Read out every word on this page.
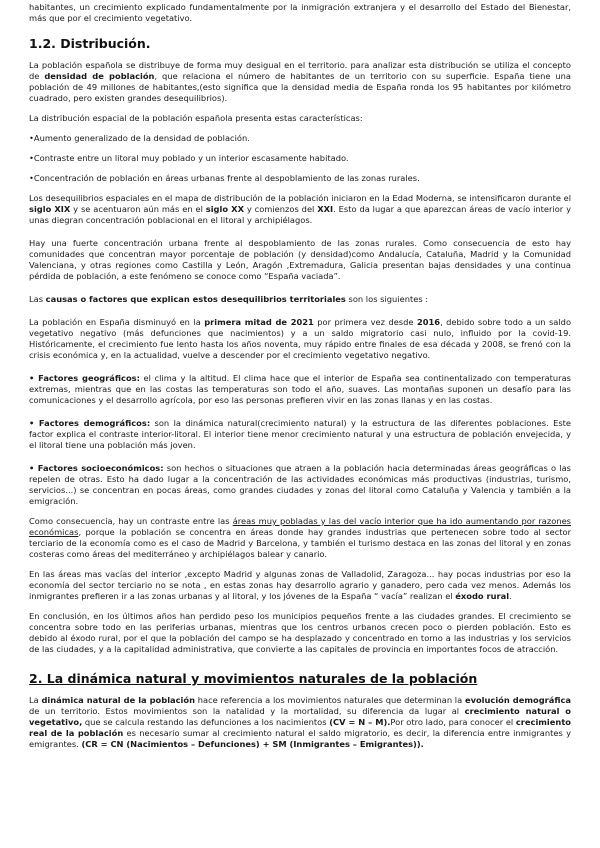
habitantes, un crecimiento explicado fundamentalmente por la inmigración extranjera y el desarrollo del Estado del Bienestar, más que por el crecimiento vegetativo.

1.2. Distribución.

La población española se distribuye de forma muy desigual en el territorio. para analizar esta distribución se utiliza el concepto de densidad de población, que relaciona el número de habitantes de un territorio con su superficie. España tiene una población de 49 millones de habitantes,(esto significa que la densidad media de España ronda los 95 habitantes por kilómetro cuadrado, pero existen grandes desequilibrios).

La distribución espacial de la población española presenta estas características:

•Aumento generalizado de la densidad de población.

•Contraste entre un litoral muy poblado y un interior escasamente habitado.

•Concentración de población en áreas urbanas frente al despoblamiento de las zonas rurales.

Los desequilibrios espaciales en el mapa de distribución de la población iniciaron en la Edad Moderna, se intensificaron durante el siglo XIX y se acentuaron aún más en el siglo XX y comienzos del XXI. Esto da lugar a que aparezcan áreas de vacío interior y unas diegran concentración poblacional en el litoral y archipiélagos.

Hay una fuerte concentración urbana frente al despoblamiento de las zonas rurales. Como consecuencia de esto hay comunidades que concentran mayor porcentaje de población (y densidad)como Andalucía, Cataluña, Madrid y la Comunidad Valenciana, y otras regiones como Castilla y León, Aragón ,Extremadura, Galicia presentan bajas densidades y una continua pérdida de población, a este fenómeno se conoce como “España vaciada”.

Las causas o factores que explican estos desequilibrios territoriales son los siguientes :

La población en España disminuyó en la primera mitad de 2021 por primera vez desde 2016, debido sobre todo a un saldo vegetativo negativo (más defunciones que nacimientos) y a un saldo migratorio casi nulo, influido por la covid-19. Históricamente, el crecimiento fue lento hasta los años noventa, muy rápido entre finales de esa década y 2008, se frenó con la crisis económica y, en la actualidad, vuelve a descender por el crecimiento vegetativo negativo.

• Factores geográficos: el clima y la altitud. El clima hace que el interior de España sea continentalizado con temperaturas extremas, mientras que en las costas las temperaturas son todo el año, suaves. Las montañas suponen un desafío para las comunicaciones y el desarrollo agrícola, por eso las personas prefieren vivir en las zonas llanas y en las costas.

• Factores demográficos: son la dinámica natural(crecimiento natural) y la estructura de las diferentes poblaciones. Este factor explica el contraste interior-litoral. El interior tiene menor crecimiento natural y una estructura de población envejecida, y el litoral tiene una población más joven.

• Factores socioeconómicos: son hechos o situaciones que atraen a la población hacia determinadas áreas geográficas o las repelen de otras. Esto ha dado lugar a la concentración de las actividades económicas más productivas (industrias, turismo, servicios...) se concentran en pocas áreas, como grandes ciudades y zonas del litoral como Cataluña y Valencia y también a la emigración.

Como consecuencia, hay un contraste entre las áreas muy pobladas y las del vacío interior que ha ido aumentando por razones económicas, porque la población se concentra en áreas donde hay grandes industrias que pertenecen sobre todo al sector terciario de la economía como es el caso de Madrid y Barcelona, y también el turismo destaca en las zonas del litoral y en zonas costeras como áreas del mediterráneo y archipiélagos balear y canario.

En las áreas mas vacías del interior ,excepto Madrid y algunas zonas de Valladolid, Zaragoza... hay pocas industrias por eso la economía del sector terciario no se nota , en estas zonas hay desarrollo agrario y ganadero, pero cada vez menos. Además los inmigrantes prefieren ir a las zonas urbanas y al litoral, y los jóvenes de la España “ vacía” realizan el éxodo rural.

En conclusión, en los últimos años han perdido peso los municipios pequeños frente a las ciudades grandes. El crecimiento se concentra sobre todo en las periferias urbanas, mientras que los centros urbanos crecen poco o pierden población. Esto es debido al éxodo rural, por el que la población del campo se ha desplazado y concentrado en torno a las industrias y los servicios de las ciudades, y a la capitalidad administrativa, que convierte a las capitales de provincia en importantes focos de atracción.

2. La dinámica natural y movimientos naturales de la población

La dinámica natural de la población hace referencia a los movimientos naturales que determinan la evolución demográfica de un territorio. Estos movimientos son la natalidad y la mortalidad, su diferencia da lugar al crecimiento natural o vegetativo, que se calcula restando las defunciones a los nacimientos (CV = N – M).Por otro lado, para conocer el crecimiento real de la población es necesario sumar al crecimiento natural el saldo migratorio, es decir, la diferencia entre inmigrantes y emigrantes. (CR = CN (Nacimientos – Defunciones) + SM (Inmigrantes – Emigrantes)).
